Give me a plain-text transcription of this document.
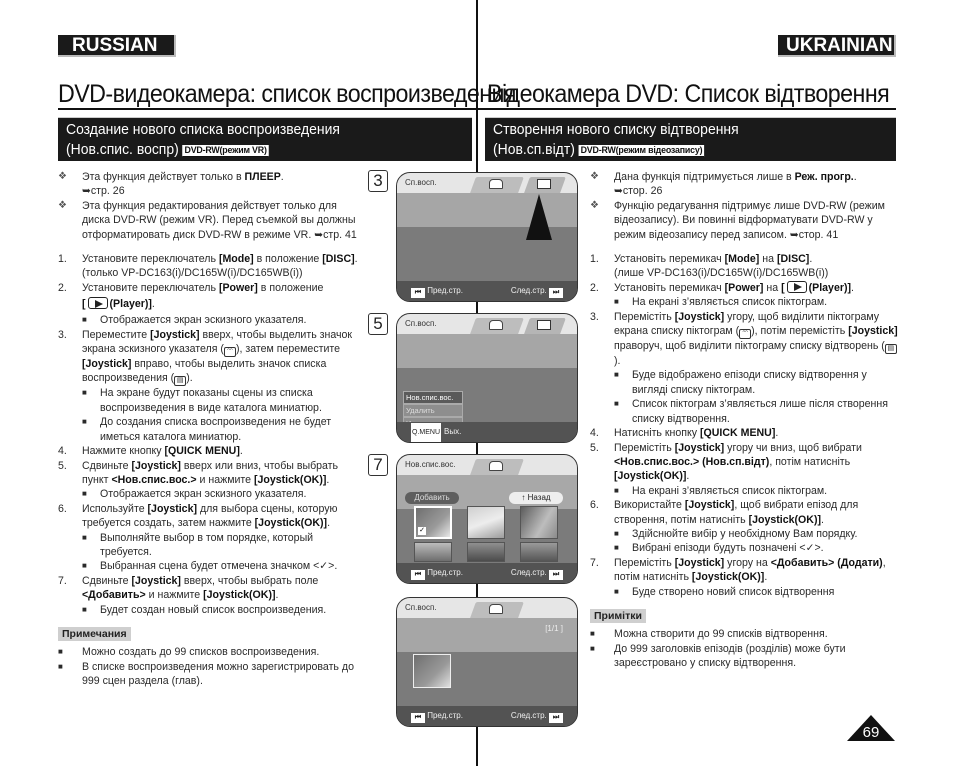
RUSSIAN	UKRAINIAN
DVD-видеокамера: список воспроизведения
Відеокамера DVD: Список відтворення
Создание нового списка воспроизведения
(Нов.спис. воспр) DVD-RW(режим VR)
Створення нового списку відтворення
(Нов.сп.відт) DVD-RW(режим відеозапису)
❖	Эта функция действует только в ПЛЕЕР.
➥стр. 26
❖	Эта функция редактирования действует только для диска DVD-RW (режим VR). Перед съемкой вы должны отформатировать диск DVD-RW в режиме VR. ➥стр. 41
1.	Установите переключатель [Mode] в положение [DISC].
(только VP-DC163(i)/DC165W(i)/DC165WB(i))
2.	Установите переключатель [Power] в положение
[ (Player)].
■	Отображается экран эскизного указателя.
3.	Переместите [Joystick] вверх, чтобы выделить значок экрана эскизного указателя ( ᵔᵔ ), затем переместите [Joystick] вправо, чтобы выделить значок списка воспроизведения ( ▤ ).
■	На экране будут показаны сцены из списка воспроизведения в виде каталога миниатюр.
■	До создания списка воспроизведения не будет иметься каталога миниатюр.
4.	Нажмите кнопку [QUICK MENU].
5.	Сдвиньте [Joystick] вверх или вниз, чтобы выбрать пункт <Нов.спис.вос.> и нажмите [Joystick(OK)].
■	Отображается экран эскизного указателя.
6.	Используйте [Joystick] для выбора сцены, которую требуется создать, затем нажмите [Joystick(OK)].
■	Выполняйте выбор в том порядке, который требуется.
■	Выбранная сцена будет отмечена значком <✓>.
7.	Сдвиньте [Joystick] вверх, чтобы выбрать поле
<Добавить> и нажмите [Joystick(OK)].
■	Будет создан новый список воспроизведения.
Примечания
■	Можно создать до 99 списков воспроизведения.
■	В списке воспроизведения можно зарегистрировать до 999 сцен раздела (глав).
❖	Дана функція підтримується лише в Реж. прогр..
➥стор. 26
❖	Функцію редагування підтримує лише DVD-RW (режим відеозапису). Ви повинні відформатувати DVD-RW у режим відеозапису перед записом. ➥стор. 41
1.	Установіть перемикач [Mode] на [DISC].
(лише VP-DC163(i)/DC165W(i)/DC165WB(i))
2.	Установіть перемикач [Power] на [ (Player)].
■	На екрані з’являється список піктограм.
3.	Перемістіть [Joystick] угору, щоб виділити піктограму екрана списку піктограм ( ᵔᵔ ), потім перемістіть [Joystick] праворуч, щоб виділити піктограму списку відтворень ( ▤).
■	Буде відображено епізоди списку відтворення у вигляді списку піктограм.
■	Список піктограм з’являється лише після створення списку відтворення.
4.	Натисніть кнопку [QUICK MENU].
5.	Перемістіть [Joystick] угору чи вниз, щоб вибрати <Нов.спис.вос.> (Нов.сп.відт), потім натисніть [Joystick(OK)].
■	На екрані з’являється список піктограм.
6.	Використайте [Joystick], щоб вибрати епізод для створення, потім натисніть [Joystick(OK)].
■	Здійснюйте вибір у необхідному Вам порядку.
■	Вибрані епізоди будуть позначені <✓>.
7.	Перемістіть [Joystick] угору на <Добавить> (Додати), потім натисніть [Joystick(OK)].
■	Буде створено новий список відтворення
Примітки
■	Можна створити до 99 списків відтворення.
■	До 999 заголовків епізодів (розділів) може бути зареєстровано у списку відтворення.
3	Сп.восп.
⏮ Пред.стр.	След.стр. ⏭
5	Сп.восп.
Нов.спис.вос.
Удалить
Q.MENU Вых.
7	Нов.спис.вос.
Добавить	↑ Назад
✓
⏮ Пред.стр.	След.стр. ⏭
Сп.восп.
[1/1 ]
⏮ Пред.стр.	След.стр. ⏭
69
